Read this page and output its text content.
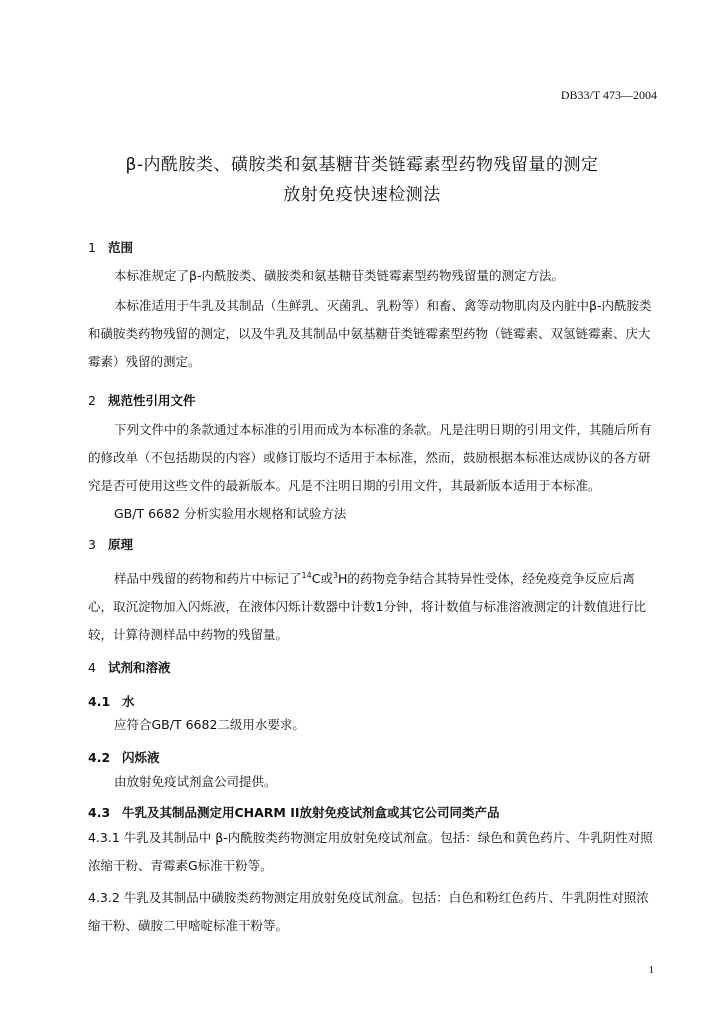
DB33/T 473—2004
β-内酰胺类、磺胺类和氨基糖苷类链霉素型药物残留量的测定
放射免疫快速检测法
1 范围

本标准规定了β-内酰胺类、磺胺类和氨基糖苷类链霉素型药物残留量的测定方法。

本标准适用于牛乳及其制品（生鲜乳、灭菌乳、乳粉等）和畜、禽等动物肌肉及内脏中β-内酰胺类和磺胺类药物残留的测定，以及牛乳及其制品中氨基糖苷类链霉素型药物（链霉素、双氢链霉素、庆大霉素）残留的测定。

2 规范性引用文件

下列文件中的条款通过本标准的引用而成为本标准的条款。凡是注明日期的引用文件，其随后所有的修改单（不包括勘误的内容）或修订版均不适用于本标准，然而，鼓励根据本标准达成协议的各方研究是否可使用这些文件的最新版本。凡是不注明日期的引用文件，其最新版本适用于本标准。

GB/T 6682 分析实验用水规格和试验方法

3 原理

样品中残留的药物和药片中标记了$^{14}$C或$^3$H的药物竞争结合其特异性受体，经免疫竞争反应后离心，取沉淀物加入闪烁液，在液体闪烁计数器中计数1分钟，将计数值与标准溶液测定的计数值进行比较，计算待测样品中药物的残留量。

4 试剂和溶液
4.1 水

应符合GB/T 6682二级用水要求。

4.2 闪烁液

由放射免疫试剂盒公司提供。

4.3 牛乳及其制品测定用CHARM II放射免疫试剂盒或其它公司同类产品

4.3.1 牛乳及其制品中 β-内酰胺类药物测定用放射免疫试剂盒。包括：绿色和黄色药片、牛乳阴性对照浓缩干粉、青霉素G标准干粉等。

4.3.2 牛乳及其制品中磺胺类药物测定用放射免疫试剂盒。包括：白色和粉红色药片、牛乳阴性对照浓缩干粉、磺胺二甲嘧啶标准干粉等。

1
